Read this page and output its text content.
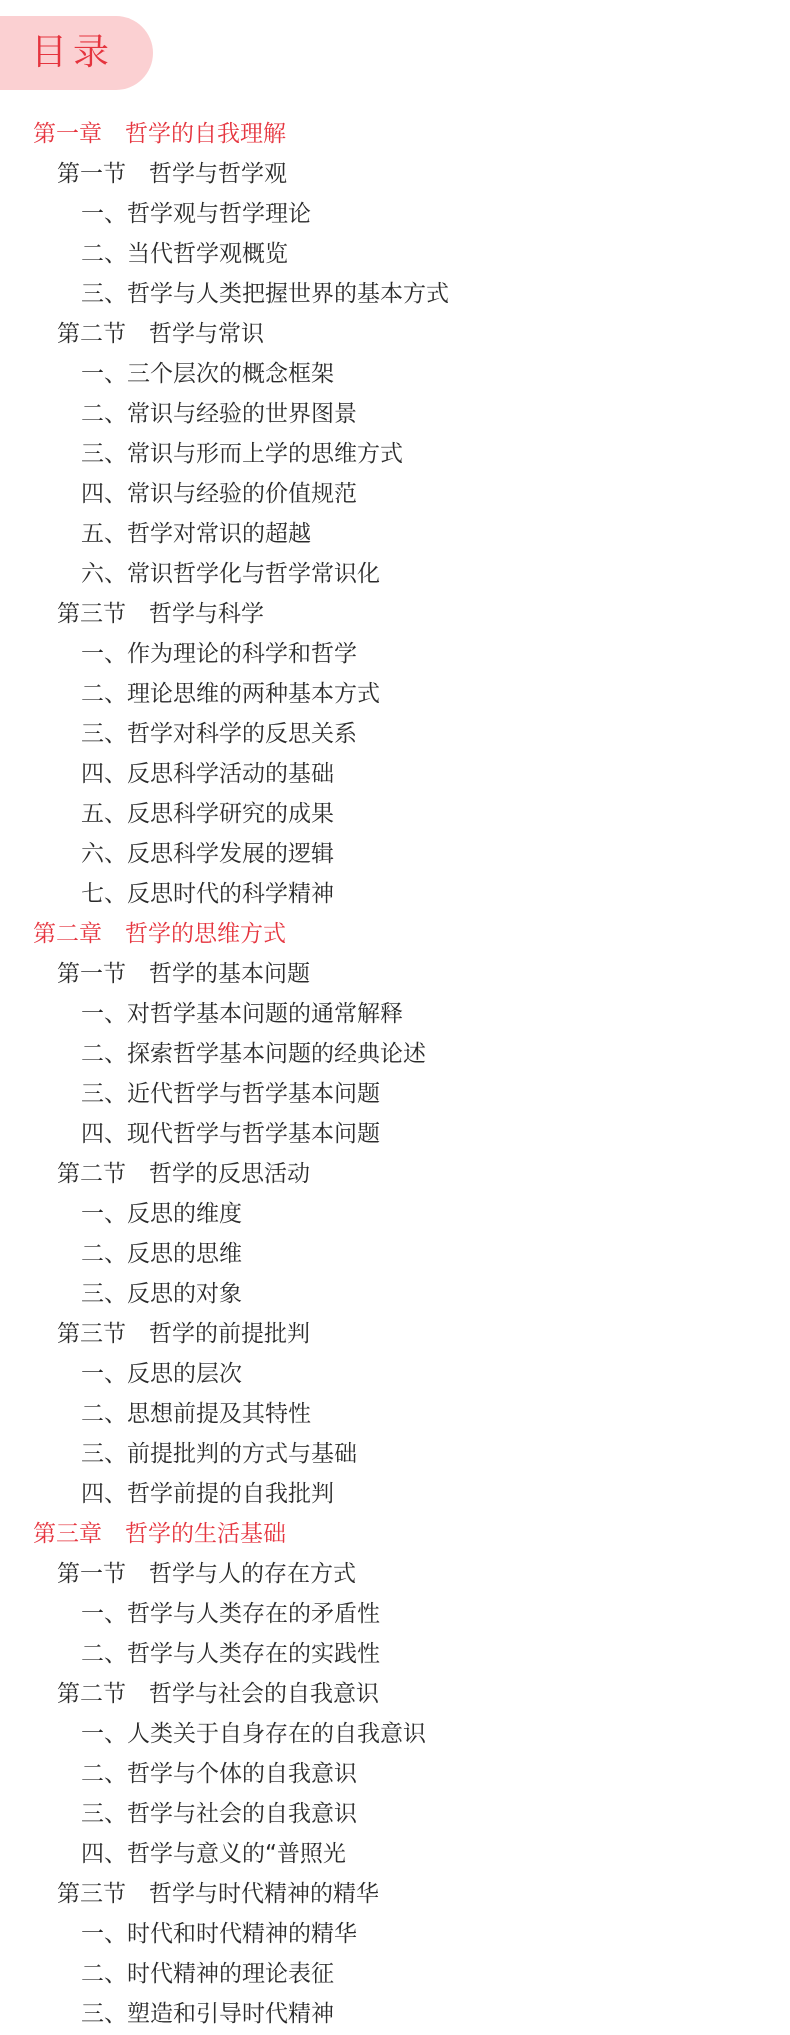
目录
第一章　哲学的自我理解
第一节　哲学与哲学观
一、哲学观与哲学理论
二、当代哲学观概览
三、哲学与人类把握世界的基本方式
第二节　哲学与常识
一、三个层次的概念框架
二、常识与经验的世界图景
三、常识与形而上学的思维方式
四、常识与经验的价值规范
五、哲学对常识的超越
六、常识哲学化与哲学常识化
第三节　哲学与科学
一、作为理论的科学和哲学
二、理论思维的两种基本方式
三、哲学对科学的反思关系
四、反思科学活动的基础
五、反思科学研究的成果
六、反思科学发展的逻辑
七、反思时代的科学精神
第二章　哲学的思维方式
第一节　哲学的基本问题
一、对哲学基本问题的通常解释
二、探索哲学基本问题的经典论述
三、近代哲学与哲学基本问题
四、现代哲学与哲学基本问题
第二节　哲学的反思活动
一、反思的维度
二、反思的思维
三、反思的对象
第三节　哲学的前提批判
一、反思的层次
二、思想前提及其特性
三、前提批判的方式与基础
四、哲学前提的自我批判
第三章　哲学的生活基础
第一节　哲学与人的存在方式
一、哲学与人类存在的矛盾性
二、哲学与人类存在的实践性
第二节　哲学与社会的自我意识
一、人类关于自身存在的自我意识
二、哲学与个体的自我意识
三、哲学与社会的自我意识
四、哲学与意义的“普照光
第三节　哲学与时代精神的精华
一、时代和时代精神的精华
二、时代精神的理论表征
三、塑造和引导时代精神
